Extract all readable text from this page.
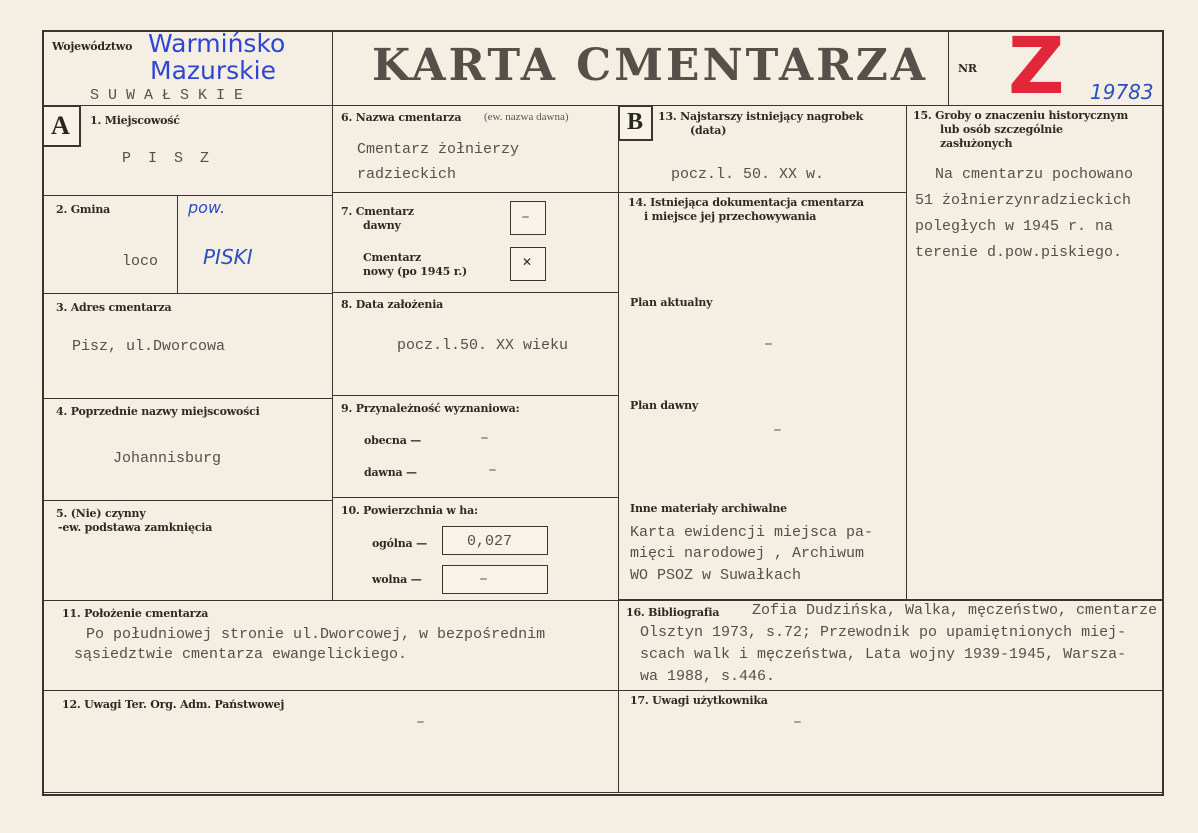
Województwo
SUWAŁSKIE
Warmińsko
Mazurskie KARTA CMENTARZA	NR Z 19783
A 1. Miejscowość
P I S Z
2. Gmina
loco
pow.
PISKI
3. Adres cmentarza
Pisz, ul.Dworcowa
4. Poprzednie nazwy miejscowości
Johannisburg
5. (Nie) czynny
-ew. podstawa zamknięcia
6. Nazwa cmentarza (ew. nazwa dawna)
Cmentarz żołnierzy
radzieckich
7. Cmentarz
dawny	–
Cmentarz
nowy (po 1945 r.)
✕
8. Data założenia
pocz.l.50. XX wieku
9. Przynależność wyznaniowa:
obecna —	–
dawna —	–
10. Powierzchnia w ha:
ogólna —	0,027
wolna —	–
B 13. Najstarszy istniejący nagrobek
(data)
pocz.l. 50. XX w.
14. Istniejąca dokumentacja cmentarza
i miejsce jej przechowywania
Plan aktualny
–
Plan dawny
–
Inne materiały archiwalne
Karta ewidencji miejsca pa-
mięci narodowej , Archiwum
WO PSOZ w Suwałkach
15. Groby o znaczeniu historycznym
lub osób szczególnie
zasłużonych
Na cmentarzu pochowano
51 żołnierzynradzieckich
poległych w 1945 r. na
terenie d.pow.piskiego.
11. Położenie cmentarza
Po południowej stronie ul.Dworcowej, w bezpośrednim
sąsiedztwie cmentarza ewangelickiego.
16. Bibliografia Zofia Dudzińska, Walka, męczeństwo, cmentarze
Olsztyn 1973, s.72; Przewodnik po upamiętnionych miej-
scach walk i męczeństwa, Lata wojny 1939-1945, Warsza-
wa 1988, s.446.
12. Uwagi Ter. Org. Adm. Państwowej
–
17. Uwagi użytkownika
–
